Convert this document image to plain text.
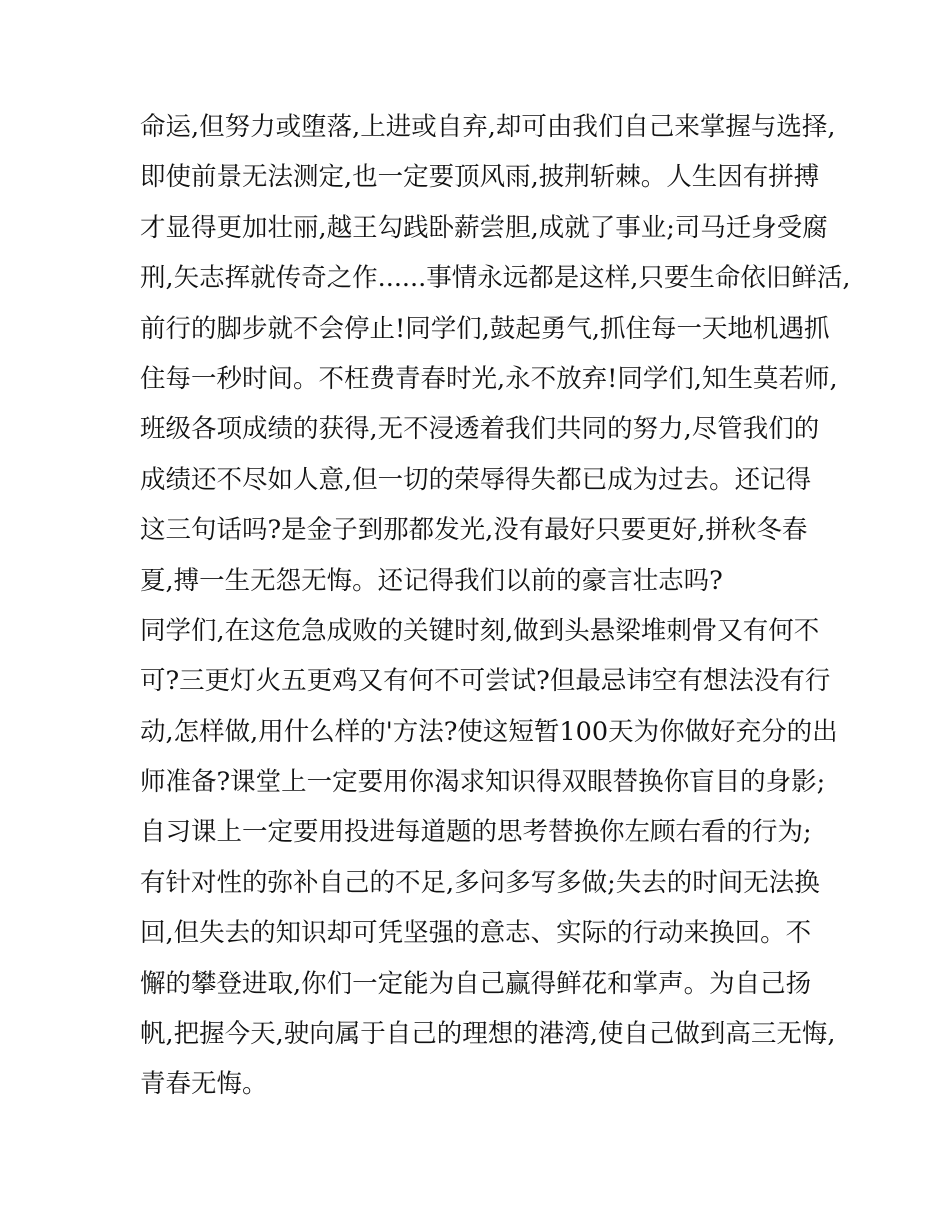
命运,但努力或堕落,上进或自弃,却可由我们自己来掌握与选择,
即使前景无法测定,也一定要顶风雨,披荆斩棘。人生因有拼搏
才显得更加壮丽,越王勾践卧薪尝胆,成就了事业;司马迁身受腐
刑,矢志挥就传奇之作......事情永远都是这样,只要生命依旧鲜活,
前行的脚步就不会停止!同学们,鼓起勇气,抓住每一天地机遇抓
住每一秒时间。不枉费青春时光,永不放弃!同学们,知生莫若师,
班级各项成绩的获得,无不浸透着我们共同的努力,尽管我们的
成绩还不尽如人意,但一切的荣辱得失都已成为过去。还记得
这三句话吗?是金子到那都发光,没有最好只要更好,拼秋冬春
夏,搏一生无怨无悔。还记得我们以前的豪言壮志吗?
同学们,在这危急成败的关键时刻,做到头悬梁堆刺骨又有何不
可?三更灯火五更鸡又有何不可尝试?但最忌讳空有想法没有行
动,怎样做,用什么样的'方法?使这短暂100天为你做好充分的出
师准备?课堂上一定要用你渴求知识得双眼替换你盲目的身影;
自习课上一定要用投进每道题的思考替换你左顾右看的行为;
有针对性的弥补自己的不足,多问多写多做;失去的时间无法换
回,但失去的知识却可凭坚强的意志、实际的行动来换回。不
懈的攀登进取,你们一定能为自己赢得鲜花和掌声。为自己扬
帆,把握今天,驶向属于自己的理想的港湾,使自己做到高三无悔,
青春无悔。
